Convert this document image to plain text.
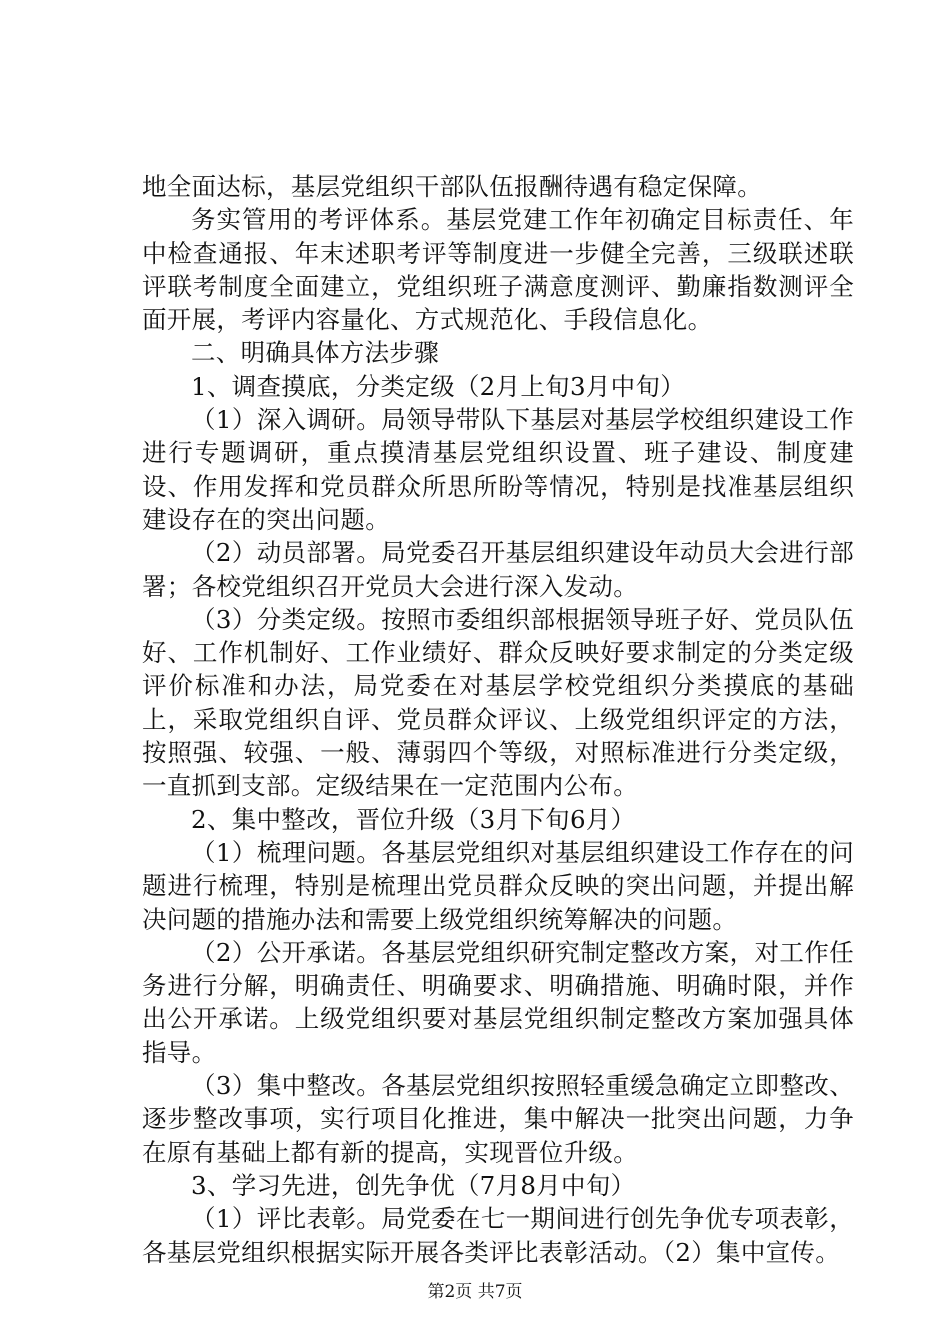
地全面达标，基层党组织干部队伍报酬待遇有稳定保障。

务实管用的考评体系。基层党建工作年初确定目标责任、年中检查通报、年末述职考评等制度进一步健全完善，三级联述联评联考制度全面建立，党组织班子满意度测评、勤廉指数测评全面开展，考评内容量化、方式规范化、手段信息化。

二、明确具体方法步骤

1、调查摸底，分类定级（2月上旬3月中旬）

（1）深入调研。局领导带队下基层对基层学校组织建设工作进行专题调研，重点摸清基层党组织设置、班子建设、制度建设、作用发挥和党员群众所思所盼等情况，特别是找准基层组织建设存在的突出问题。

（2）动员部署。局党委召开基层组织建设年动员大会进行部署；各校党组织召开党员大会进行深入发动。

（3）分类定级。按照市委组织部根据领导班子好、党员队伍好、工作机制好、工作业绩好、群众反映好要求制定的分类定级评价标准和办法，局党委在对基层学校党组织分类摸底的基础上，采取党组织自评、党员群众评议、上级党组织评定的方法，按照强、较强、一般、薄弱四个等级，对照标准进行分类定级，一直抓到支部。定级结果在一定范围内公布。

2、集中整改，晋位升级（3月下旬6月）

（1）梳理问题。各基层党组织对基层组织建设工作存在的问题进行梳理，特别是梳理出党员群众反映的突出问题，并提出解决问题的措施办法和需要上级党组织统筹解决的问题。

（2）公开承诺。各基层党组织研究制定整改方案，对工作任务进行分解，明确责任、明确要求、明确措施、明确时限，并作出公开承诺。上级党组织要对基层党组织制定整改方案加强具体指导。

（3）集中整改。各基层党组织按照轻重缓急确定立即整改、逐步整改事项，实行项目化推进，集中解决一批突出问题，力争在原有基础上都有新的提高，实现晋位升级。

3、学习先进，创先争优（7月8月中旬）

（1）评比表彰。局党委在七一期间进行创先争优专项表彰，各基层党组织根据实际开展各类评比表彰活动。（2）集中宣传。

第2页 共7页
